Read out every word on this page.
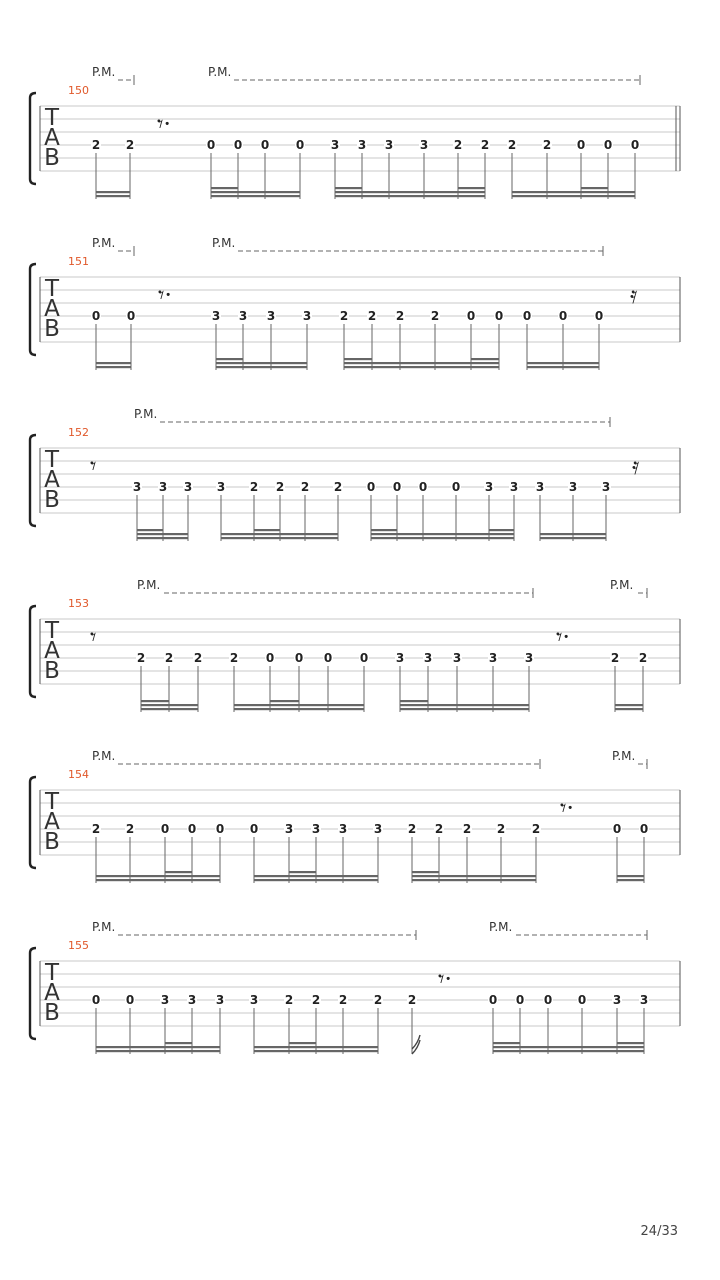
T
A
B
150
P.M.	P.M.
2 2	0 0 0 0 3 3 3 3 2 2 2 2 0 0 0
𝄾·
T
A
B
151
P.M.	P.M.
0 0	3 3 3 3 2 2 2 2 0 0 0 0 0
𝄾·	𝄿
T
A
B
152
P.M.
3 3 3 3 2 2 2 2 0 0 0 0 3 3 3 3 3
𝄾	𝄿
T
A
B
153
P.M.	P.M.
2 2 2 2 0 0 0 0 3 3 3 3 3	2 2
𝄾	𝄾·
T
A
B
154
P.M.	P.M.
2 2 0 0 0 0 3 3 3 3 2 2 2 2 2	0 0
𝄾·
T
A
B
155
P.M.	P.M.
0 0 3 3 3 3 2 2 2 2 2	0 0 0 0 3 3
𝄾·
24/33
